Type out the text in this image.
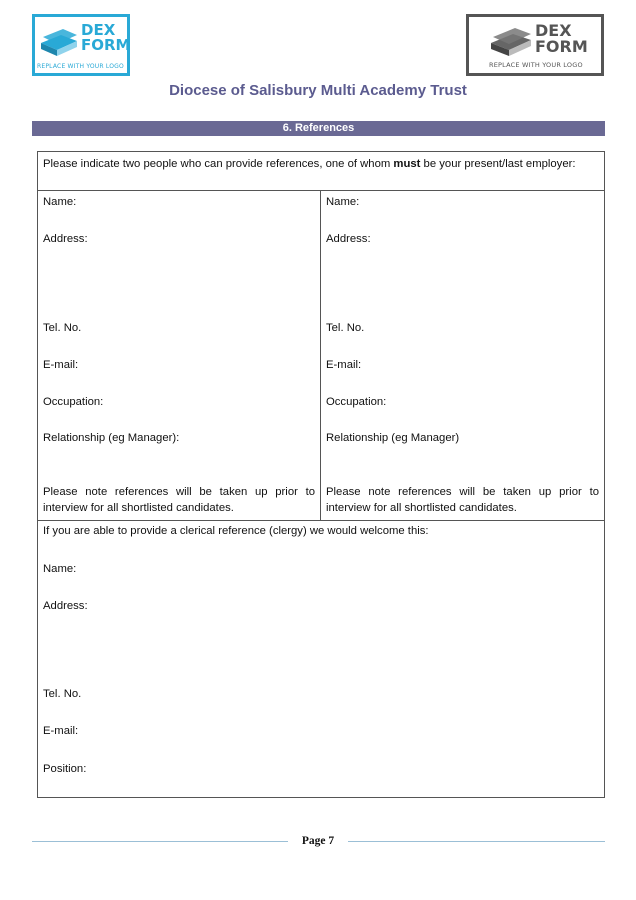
DEX
FORM
REPLACE WITH YOUR LOGO
DEX
FORM
REPLACE WITH YOUR LOGO
Diocese of Salisbury Multi Academy Trust
6. References
Please indicate two people who can provide references, one of whom must be your present/last employer:
Name:
Address:
Tel. No.
E-mail:
Occupation:
Relationship (eg Manager):
Please note references will be taken up prior to interview for all shortlisted candidates.
Name:
Address:
Tel. No.
E-mail:
Occupation:
Relationship (eg Manager)
Please note references will be taken up prior to interview for all shortlisted candidates.
If you are able to provide a clerical reference (clergy) we would welcome this:
Name:
Address:
Tel. No.
E-mail:
Position:
Page 7
